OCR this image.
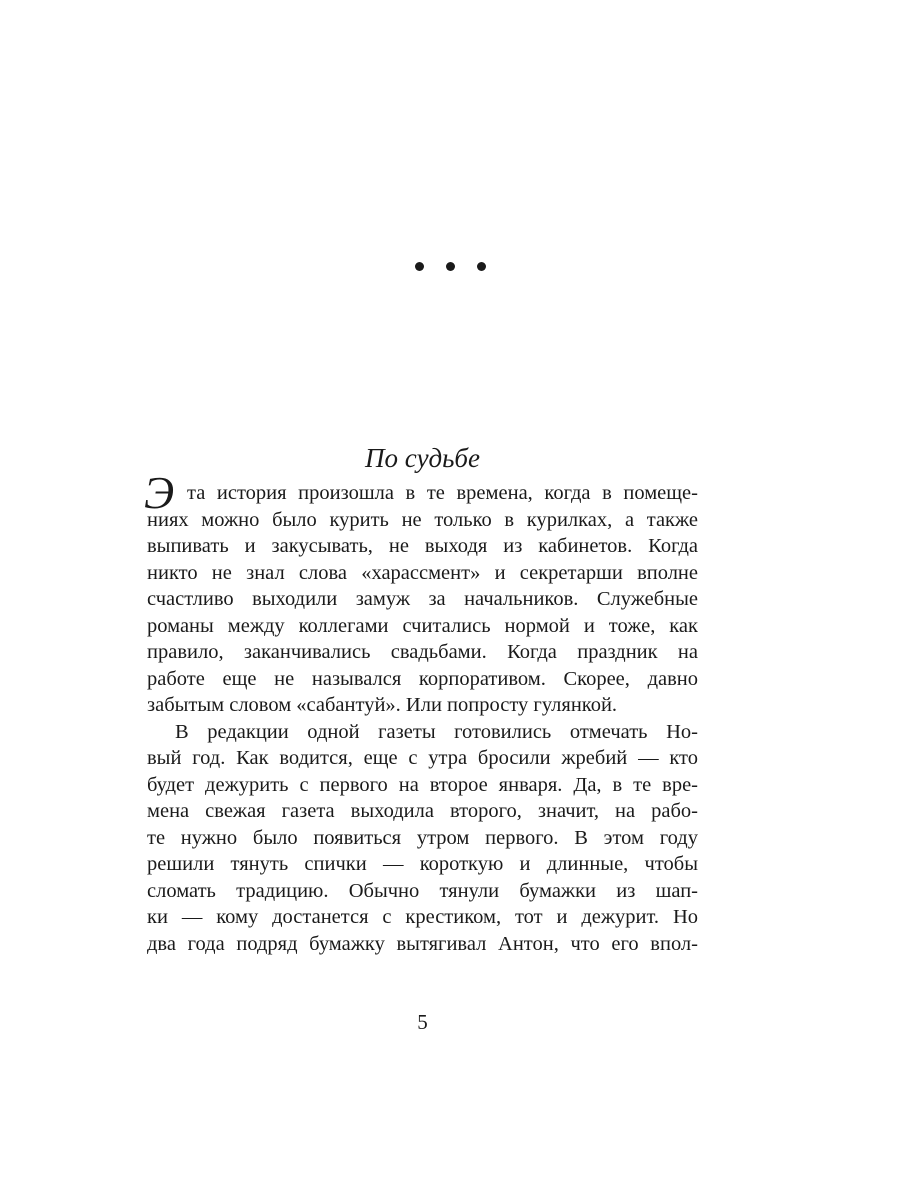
По судьбе
Э та история произошла в те времена, когда в помеще-
ниях можно было курить не только в курилках, а также
выпивать и закусывать, не выходя из кабинетов. Когда
никто не знал слова «харассмент» и секретарши вполне
счастливо выходили замуж за начальников. Служебные
романы между коллегами считались нормой и тоже, как
правило, заканчивались свадьбами. Когда праздник на
работе еще не назывался корпоративом. Скорее, давно
забытым словом «сабантуй». Или попросту гулянкой.
В редакции одной газеты готовились отмечать Но-
вый год. Как водится, еще с утра бросили жребий — кто
будет дежурить с первого на второе января. Да, в те вре-
мена свежая газета выходила второго, значит, на рабо-
те нужно было появиться утром первого. В этом году
решили тянуть спички — короткую и длинные, чтобы
сломать традицию. Обычно тянули бумажки из шап-
ки — кому достанется с крестиком, тот и дежурит. Но
два года подряд бумажку вытягивал Антон, что его впол-
5
